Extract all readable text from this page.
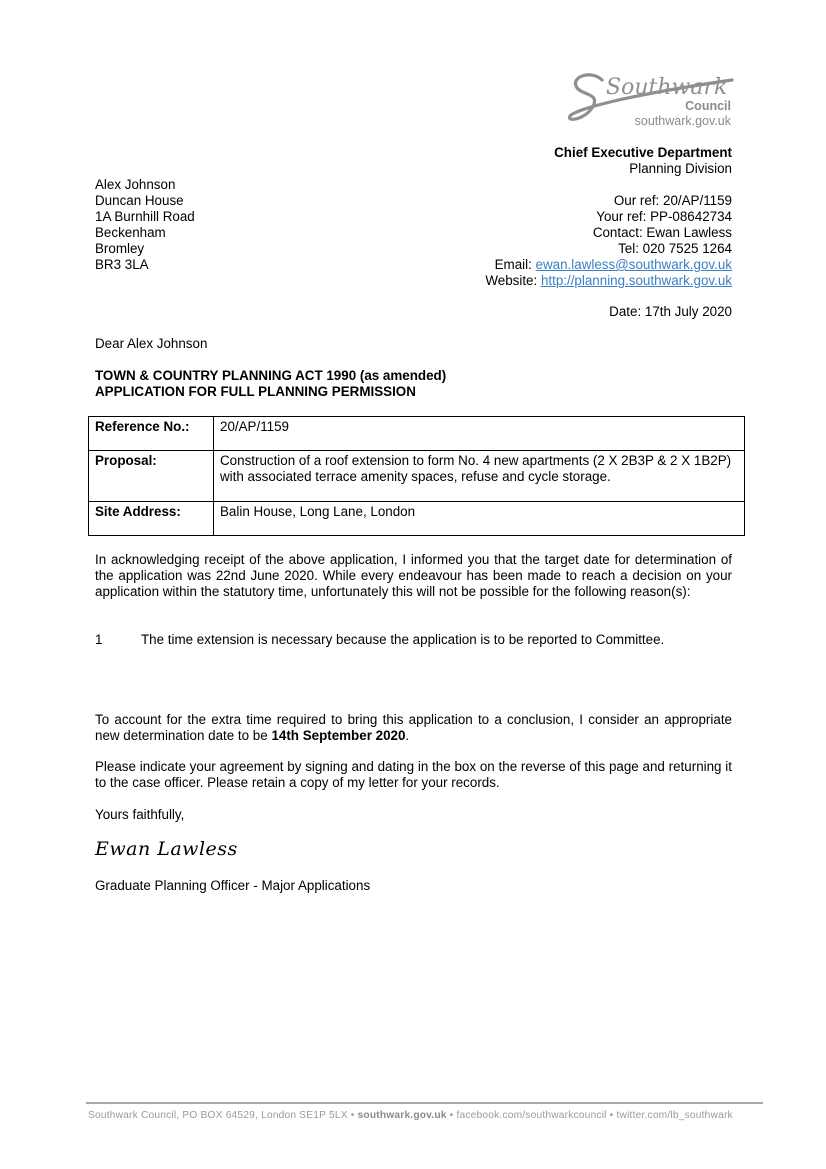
Southwark
Council
southwark.gov.uk
Chief Executive Department
Planning Division
Alex Johnson
Duncan House
1A Burnhill Road
Beckenham
Bromley
BR3 3LA
Our ref: 20/AP/1159
Your ref: PP-08642734
Contact: Ewan Lawless
Tel: 020 7525 1264
Email: ewan.lawless@southwark.gov.uk
Website: http://planning.southwark.gov.uk
Date: 17th July 2020
Dear Alex Johnson
TOWN & COUNTRY PLANNING ACT 1990 (as amended)
APPLICATION FOR FULL PLANNING PERMISSION
Reference No.:	20/AP/1159
Proposal:	Construction of a roof extension to form No. 4 new apartments (2 X 2B3P & 2 X 1B2P) with associated terrace amenity spaces, refuse and cycle storage.
Site Address:	Balin House, Long Lane, London
In acknowledging receipt of the above application, I informed you that the target date for determination of the application was 22nd June 2020. While every endeavour has been made to reach a decision on your application within the statutory time, unfortunately this will not be possible for the following reason(s):
1	The time extension is necessary because the application is to be reported to Committee.
To account for the extra time required to bring this application to a conclusion, I consider an appropriate new determination date to be 14th September 2020.
Please indicate your agreement by signing and dating in the box on the reverse of this page and returning it to the case officer. Please retain a copy of my letter for your records.
Yours faithfully,
Ewan Lawless
Graduate Planning Officer - Major Applications
Southwark Council, PO BOX 64529, London SE1P 5LX • southwark.gov.uk • facebook.com/southwarkcouncil • twitter.com/lb_southwark
